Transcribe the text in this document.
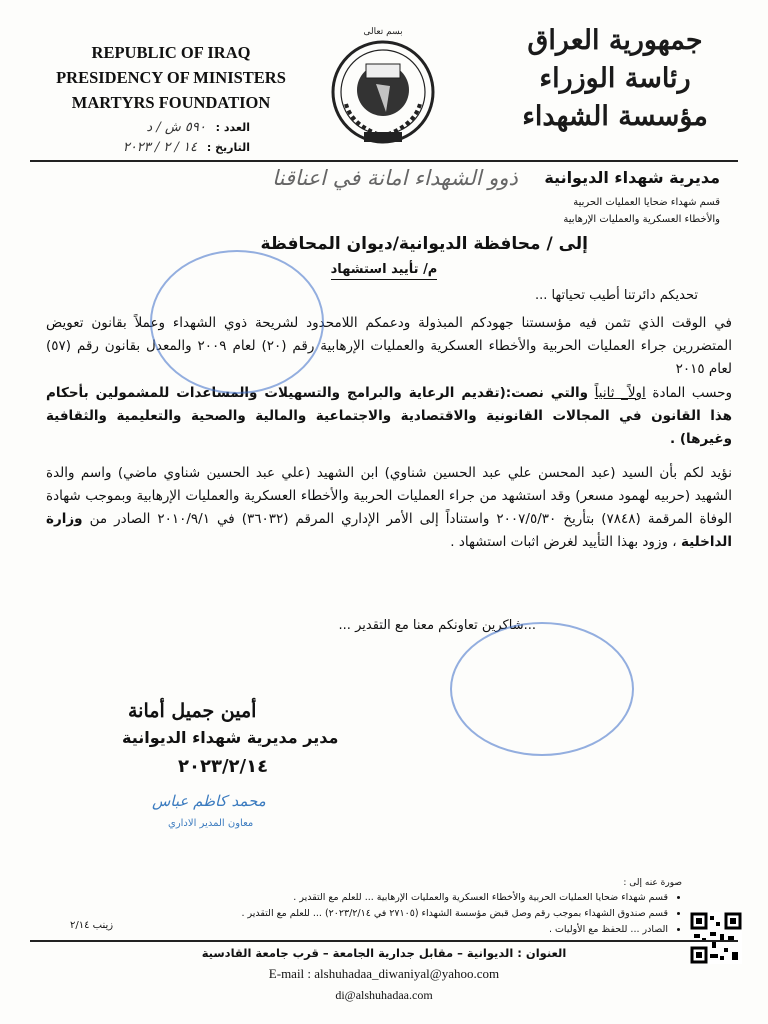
REPUBLIC OF IRAQ
PRESIDENCY OF MINISTERS
MARTYRS FOUNDATION
بسم تعالى	جمهورية العراق
رئاسة الوزراء
مؤسسة الشهداء
العدد : ٥٩٠ ش / د
التاريخ : ١٤ / ٢ / ٢٠٢٣
ذوو الشهداء امانة في اعناقنا	مديرية شهداء الديوانية
قسم شهداء ضحايا العمليات الحربية
والأخطاء العسكرية والعمليات الإرهابية
إلى / محافظة الديوانية/ديوان المحافظة
م/ تأييد استشهاد
تحديكم دائرتنا أطيب تحياتها ...
في الوقت الذي تثمن فيه مؤسستنا جهودكم المبذولة ودعمكم اللامحدود لشريحة ذوي الشهداء وعملاً بقانون تعويض المتضررين جراء العمليات الحربية والأخطاء العسكرية والعمليات الإرهابية رقم (٢٠) لعام ٢٠٠٩ والمعدل بقانون رقم (٥٧) لعام ٢٠١٥
وحسب المادة اولاً_ ثانياً والتي نصت:(تقديم الرعاية والبرامج والتسهيلات والمساعدات للمشمولين بأحكام هذا القانون في المجالات القانونية والاقتصادية والاجتماعية والمالية والصحية والتعليمية والثقافية وغيرها) .
نؤيد لكم بأن السيد (عبد المحسن علي عبد الحسين شناوي) ابن الشهيد (علي عبد الحسين شناوي ماضي) واسم والدة الشهيد (حربيه لهمود مسعر) وقد استشهد من جراء العمليات الحربية والأخطاء العسكرية والعمليات الإرهابية وبموجب شهادة الوفاة المرقمة (٧٨٤٨) بتأريخ ٢٠٠٧/٥/٣٠ واستناداً إلى الأمر الإداري المرقم (٣٦٠٣٢) في ٢٠١٠/٩/١ الصادر من وزارة الداخلية ، وزود بهذا التأييد لغرض اثبات استشهاد .
...شاكرين تعاونكم معنا مع التقدير ...
أمين جميل أمانة
مدير مديرية شهداء الديوانية
٢٠٢٣/٢/١٤
محمد كاظم عباس
معاون المدير الاداري
صورة عنه إلى :
• قسم شهداء ضحايا العمليات الحربية والأخطاء العسكرية والعمليات الإرهابية ... للعلم مع التقدير .
• قسم صندوق الشهداء بموجب رقم وصل قبض مؤسسة الشهداء (٢٧١٠٥ في ٢٠٢٣/٢/١٤) ... للعلم مع التقدير .
• الصادر ... للحفظ مع الأوليات .
زينب ٢/١٤
العنوان : الديوانية – مقابل جدارية الجامعة – قرب جامعة القادسية
E-mail : alshuhadaa_diwaniyal@yahoo.com
di@alshuhadaa.com
